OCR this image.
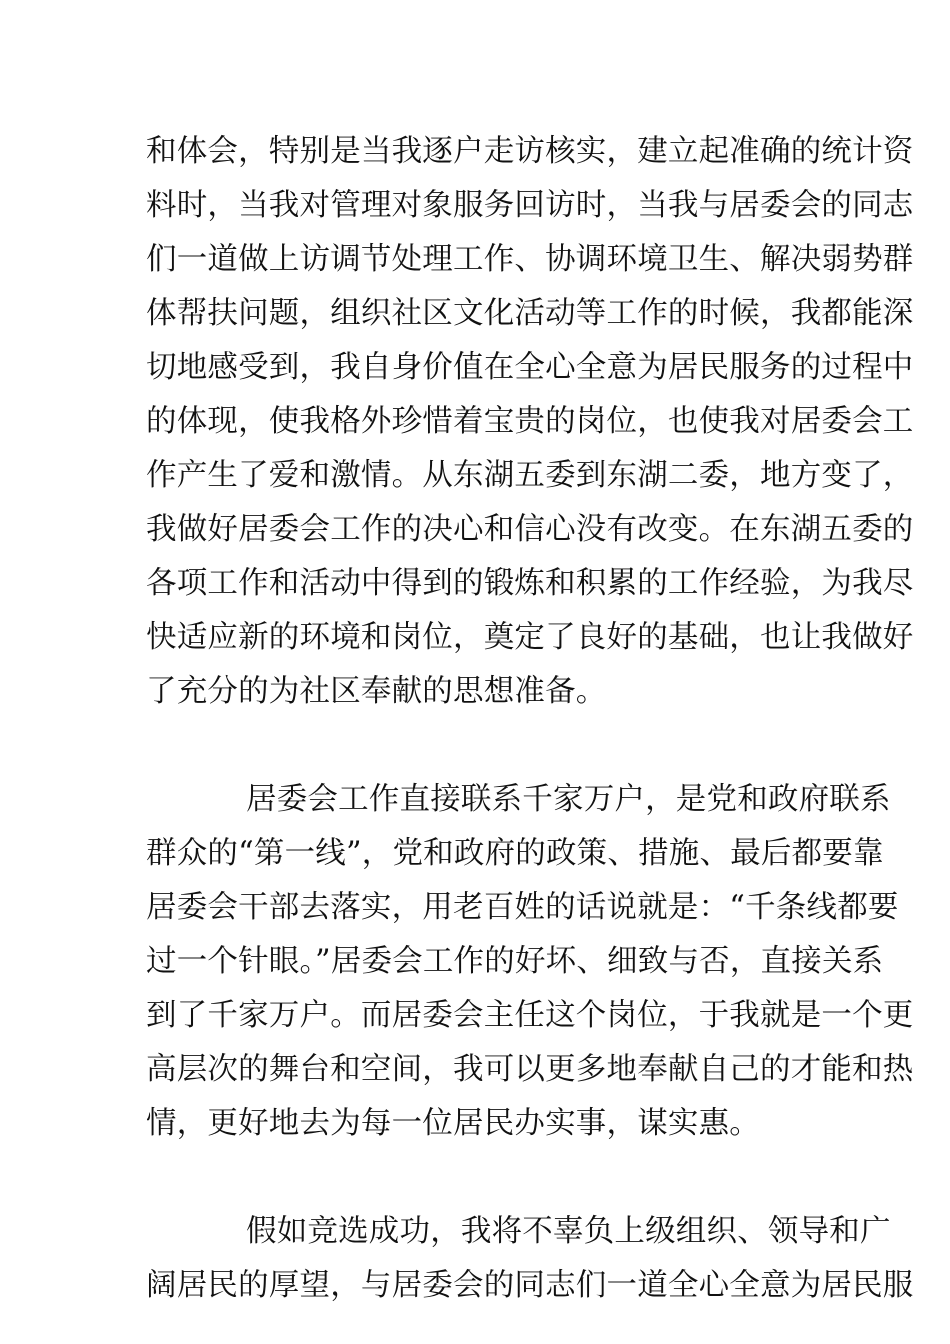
和体会，特别是当我逐户走访核实，建立起准确的统计资
料时，当我对管理对象服务回访时，当我与居委会的同志
们一道做上访调节处理工作、协调环境卫生、解决弱势群
体帮扶问题，组织社区文化活动等工作的时候，我都能深
切地感受到，我自身价值在全心全意为居民服务的过程中
的体现，使我格外珍惜着宝贵的岗位，也使我对居委会工
作产生了爱和激情。从东湖五委到东湖二委，地方变了，
我做好居委会工作的决心和信心没有改变。在东湖五委的
各项工作和活动中得到的锻炼和积累的工作经验，为我尽
快适应新的环境和岗位，奠定了良好的基础，也让我做好
了充分的为社区奉献的思想准备。
居委会工作直接联系千家万户，是党和政府联系
群众的“第一线”，党和政府的政策、措施、最后都要靠
居委会干部去落实，用老百姓的话说就是：“千条线都要
过一个针眼。”居委会工作的好坏、细致与否，直接关系
到了千家万户。而居委会主任这个岗位，于我就是一个更
高层次的舞台和空间，我可以更多地奉献自己的才能和热
情，更好地去为每一位居民办实事，谋实惠。
假如竞选成功，我将不辜负上级组织、领导和广
阔居民的厚望，与居委会的同志们一道全心全意为居民服
